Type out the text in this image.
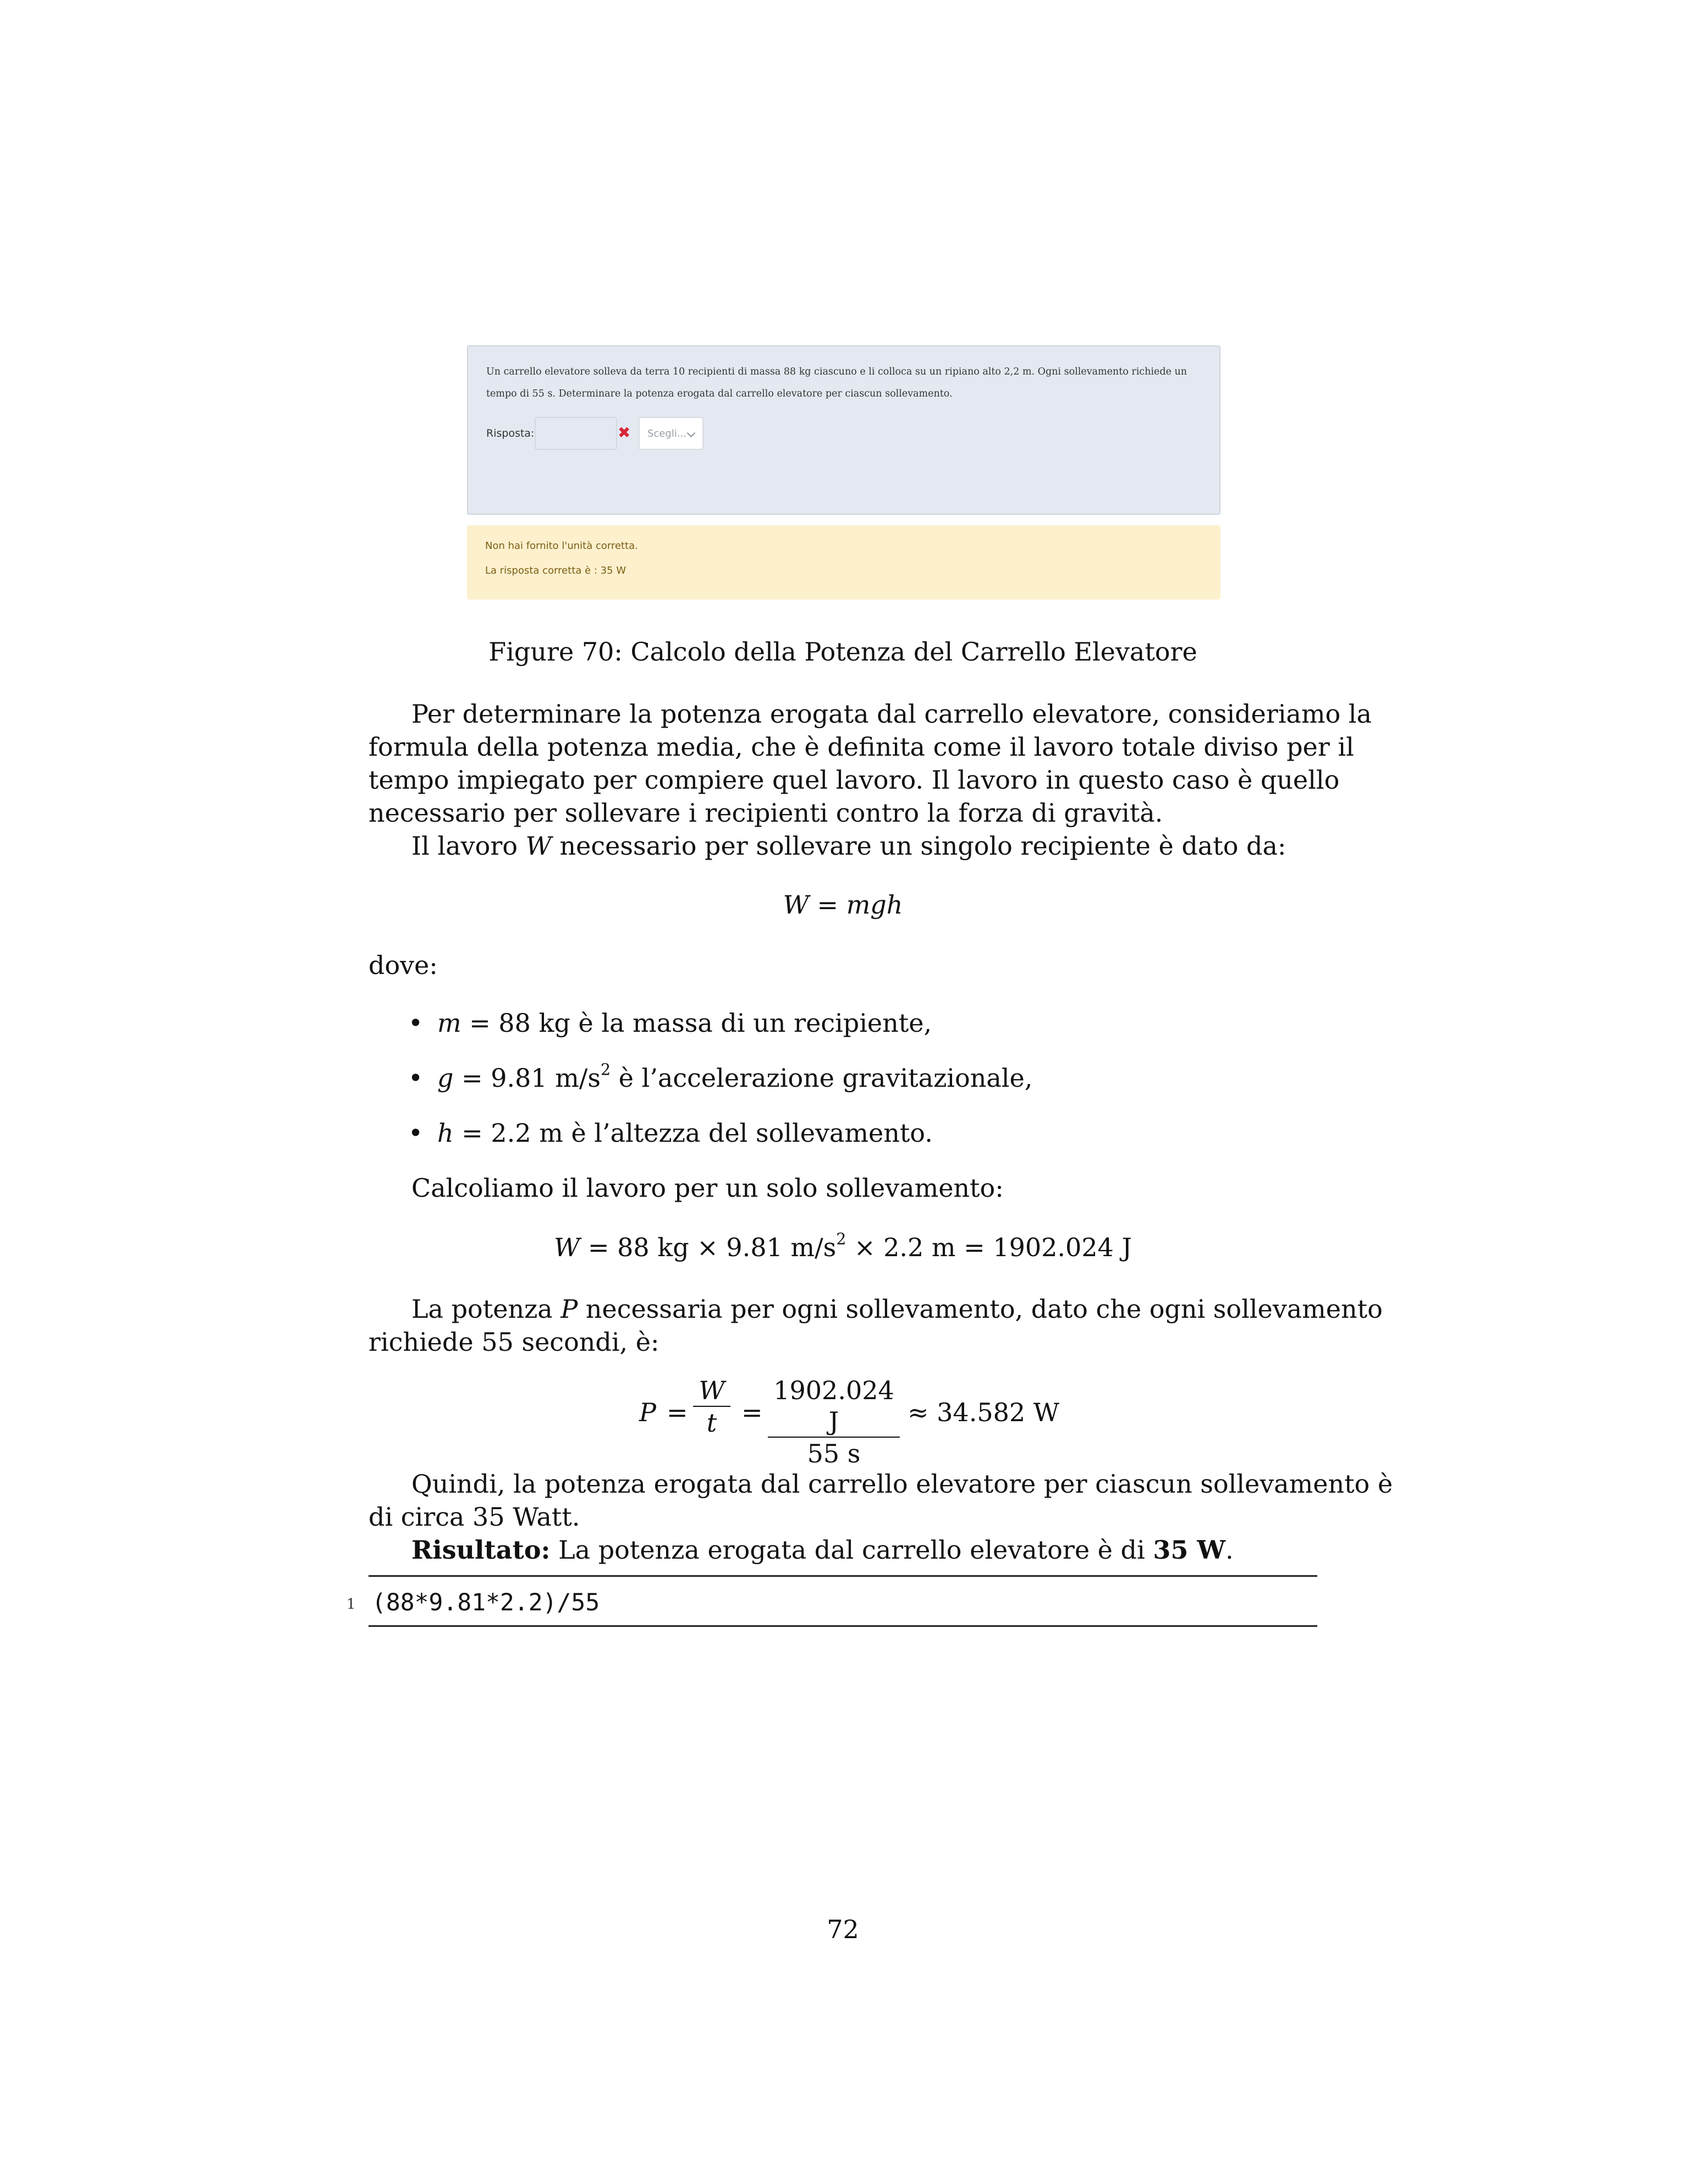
Un carrello elevatore solleva da terra 10 recipienti di massa 88 kg ciascuno e li colloca su un ripiano alto 2,2 m. Ogni sollevamento richiede un tempo di 55 s. Determinare la potenza erogata dal carrello elevatore per ciascun sollevamento.
Risposta:	✖ Scegli...
Non hai fornito l'unità corretta.
La risposta corretta è : 35 W
Figure 70: Calcolo della Potenza del Carrello Elevatore
Per determinare la potenza erogata dal carrello elevatore, consideriamo la
formula della potenza media, che è definita come il lavoro totale diviso per il
tempo impiegato per compiere quel lavoro. Il lavoro in questo caso è quello
necessario per sollevare i recipienti contro la forza di gravità.
Il lavoro W necessario per sollevare un singolo recipiente è dato da:
W = mgh
dove:
• m = 88 kg è la massa di un recipiente,
• g = 9.81 $m/s^2$ è l’accelerazione gravitazionale,
• h = 2.2 m è l’altezza del sollevamento.
Calcoliamo il lavoro per un solo sollevamento:
W = 88 kg × 9.81 $m/s^2 \times 2.2$ m = 1902.024 J
La potenza P necessaria per ogni sollevamento, dato che ogni sollevamento
richiede 55 secondi, è:
$P = \frac{W}{t} = \frac{1902.024 J}{55 s} \approx 34.582$ W
Quindi, la potenza erogata dal carrello elevatore per ciascun sollevamento è
di circa 35 Watt.
Risultato: La potenza erogata dal carrello elevatore è di 35 W.
1 (88*9.81*2.2)/55
72
